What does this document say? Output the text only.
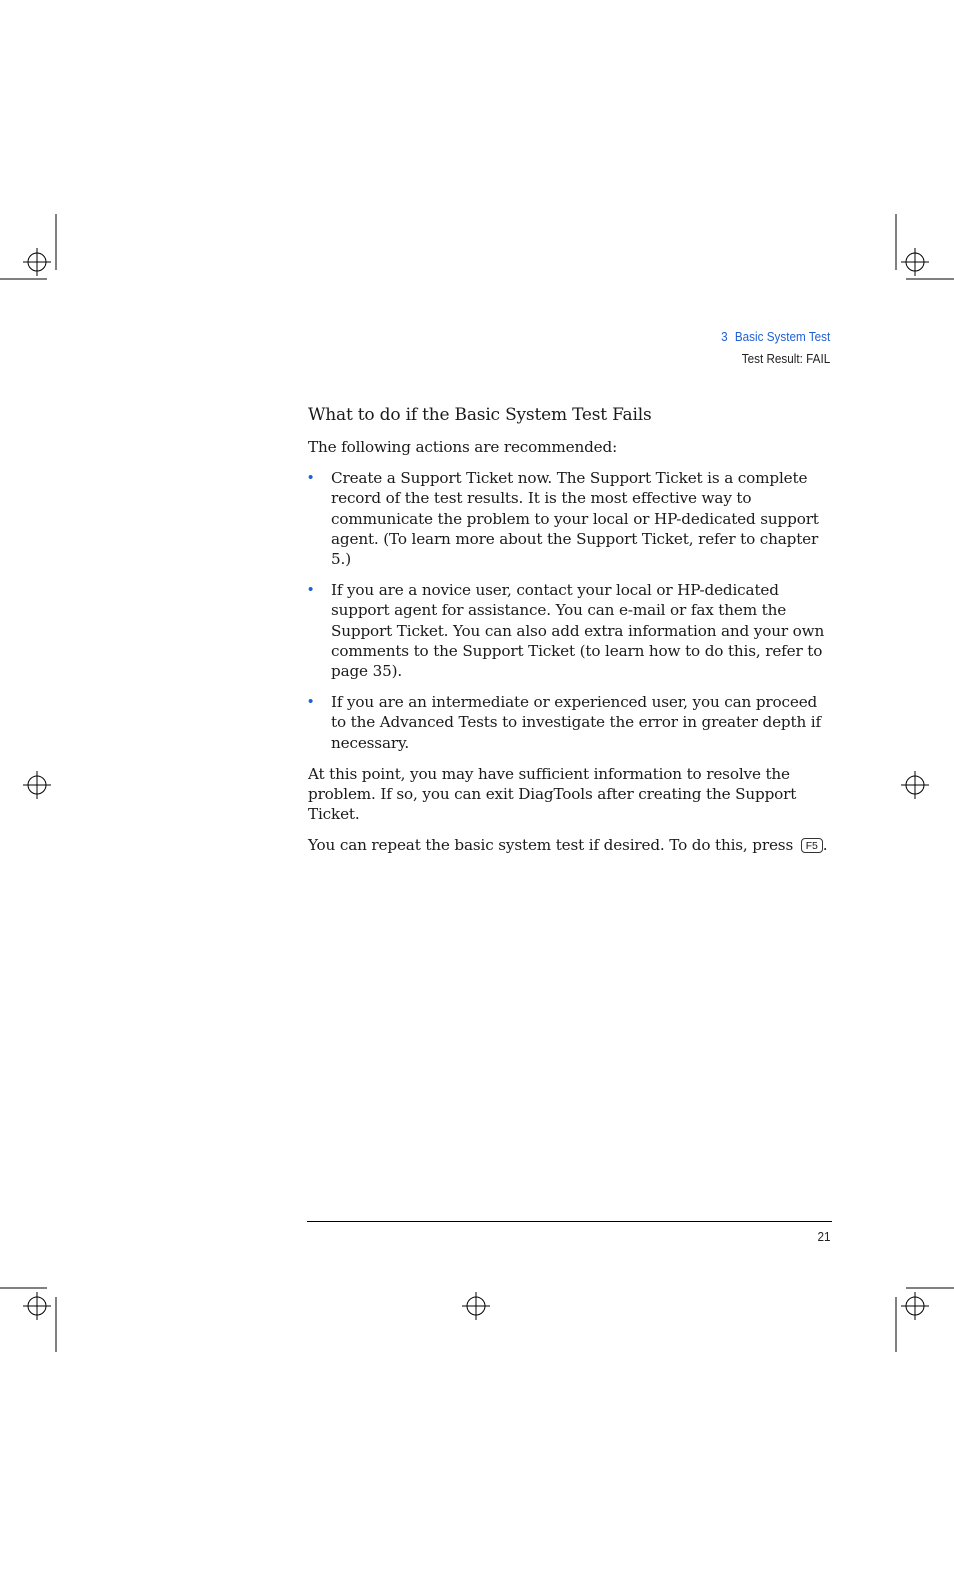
3 Basic System Test
Test Result: FAIL
What to do if the Basic System Test Fails

The following actions are recommended:

• Create a Support Ticket now. The Support Ticket is a complete record of the test results. It is the most effective way to communicate the problem to your local or HP-dedicated support agent. (To learn more about the Support Ticket, refer to chapter 5.)
• If you are a novice user, contact your local or HP-dedicated support agent for assistance. You can e-mail or fax them the Support Ticket. You can also add extra information and your own comments to the Support Ticket (to learn how to do this, refer to page 35).
• If you are an intermediate or experienced user, you can proceed to the Advanced Tests to investigate the error in greater depth if necessary.

At this point, you may have sufficient information to resolve the problem. If so, you can exit DiagTools after creating the Support Ticket.

You can repeat the basic system test if desired. To do this, press F5 .

21
